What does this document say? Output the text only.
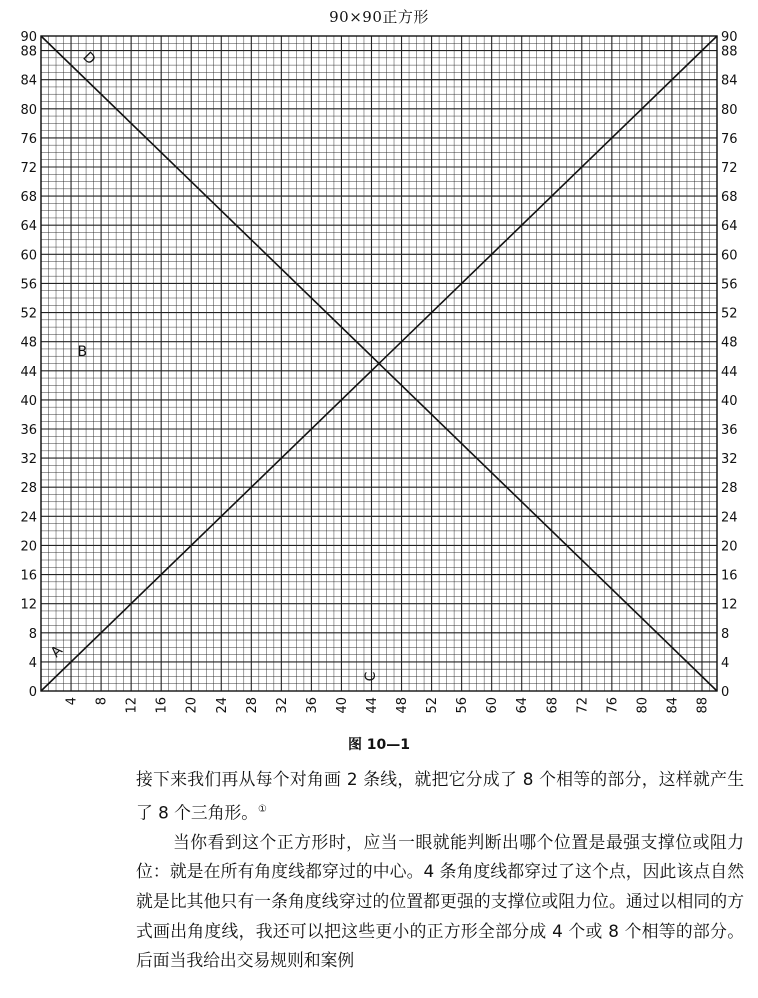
90×90正方形
0	0
4	4
8	8
12	12
16	16
20	20
24	24
28	28
32	32
36	36
40	40
44	44
48	48
52	52
56	56
60	60
64	64
68	68
72	72
76	76
80	80
84	84
88	88
90	90
4 8 12 16 20 24 28 32 36 40 44 48 52 56 60 64 68 72 76 80 84 88
A
B
C
D
图 10—1

接下来我们再从每个对角画 2 条线，就把它分成了 8 个相等的部分，这样就产生了 8 个三角形。①

当你看到这个正方形时，应当一眼就能判断出哪个位置是最强支撑位或阻力位：就是在所有角度线都穿过的中心。4 条角度线都穿过了这个点，因此该点自然就是比其他只有一条角度线穿过的位置都更强的支撑位或阻力位。通过以相同的方式画出角度线，我还可以把这些更小的正方形全部分成 4 个或 8 个相等的部分。后面当我给出交易规则和案例
